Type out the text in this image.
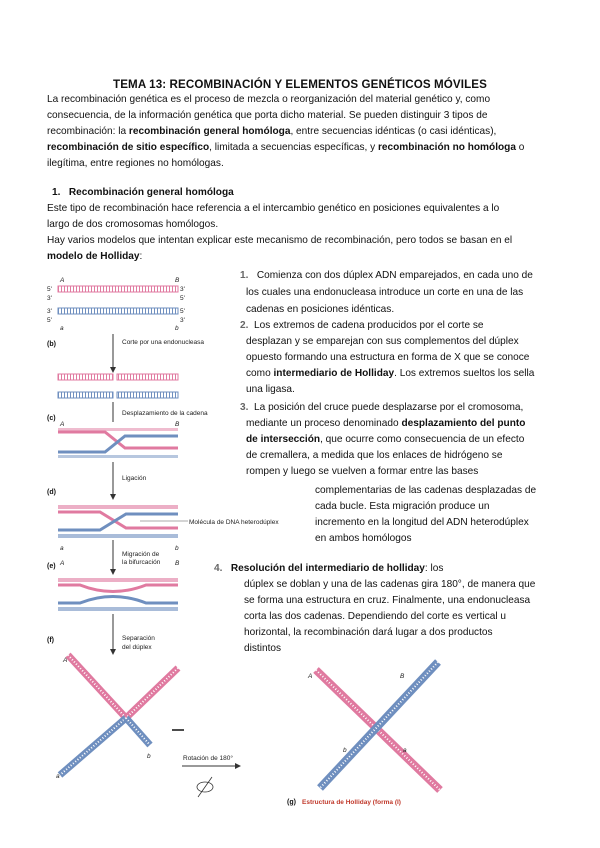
TEMA 13: RECOMBINACIÓN Y ELEMENTOS GENÉTICOS MÓVILES
La recombinación genética es el proceso de mezcla o reorganización del material genético y, como
consecuencia, de la información genética que porta dicho material. Se pueden distinguir 3 tipos de
recombinación: la recombinación general homóloga, entre secuencias idénticas (o casi idénticas),
recombinación de sitio específico, limitada a secuencias específicas, y recombinación no homóloga o
ilegítima, entre regiones no homólogas.
1. Recombinación general homóloga
Este tipo de recombinación hace referencia a el intercambio genético en posiciones equivalentes a lo
largo de dos cromosomas homólogos.
Hay varios modelos que intentan explicar este mecanismo de recombinación, pero todos se basan en el
modelo de Holliday:
1. Comienza con dos dúplex ADN emparejados, en cada uno de
los cuales una endonucleasa introduce un corte en una de las
cadenas en posiciones idénticas.
2. Los extremos de cadena producidos por el corte se
desplazan y se emparejan con sus complementos del dúplex
opuesto formando una estructura en forma de X que se conoce
como intermediario de Holliday. Los extremos sueltos los sella
una ligasa.
3. La posición del cruce puede desplazarse por el cromosoma,
mediante un proceso denominado desplazamiento del punto
de intersección, que ocurre como consecuencia de un efecto
de cremallera, a medida que los enlaces de hidrógeno se
rompen y luego se vuelven a formar entre las bases
complementarias de las cadenas desplazadas de
cada bucle. Esta migración produce un
incremento en la longitud del ADN heterodúplex
en ambos homólogos
4. Resolución del intermediario de holliday: los
dúplex se doblan y una de las cadenas gira 180°, de manera que
se forma una estructura en cruz. Finalmente, una endonucleasa
corta las dos cadenas. Dependiendo del corte es vertical u
horizontal, la recombinación dará lugar a dos productos
distintos
A	B
5'	3'
3'	5'
3'	5'
5'	3'
a	b
(b)	Corte por una endonucleasa
(c)
A	B
Desplazamiento de la cadena
(d)
Ligación
Molécula de DNA heterodúplex
a	b
(e) A	B
Migración de
la bifurcación
(f)	Separación
del dúplex
A
a
b	Rotación de 180°
A	B
b	a
(g) Estructura de Holliday (forma (I)
